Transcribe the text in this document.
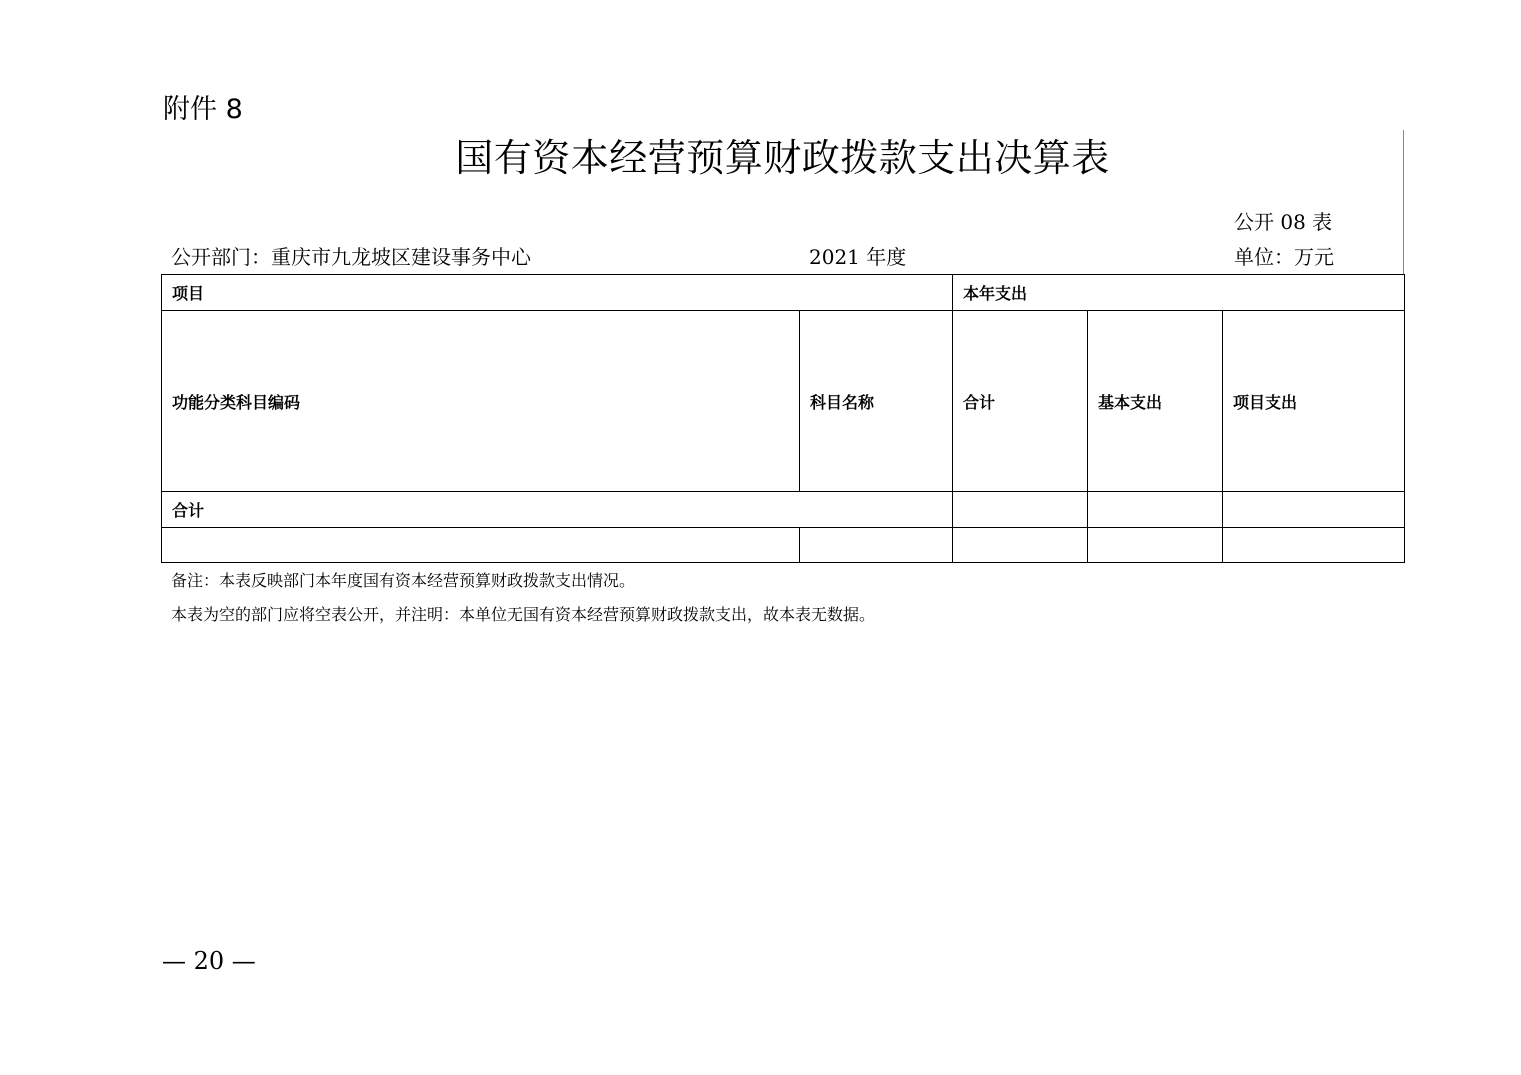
附件 8
国有资本经营预算财政拨款支出决算表
公开 08 表
公开部门：重庆市九龙坡区建设事务中心	2021 年度	单位：万元
项目		本年支出		
功能分类科目编码	科目名称	合计	基本支出	项目支出
合计				

备注：本表反映部门本年度国有资本经营预算财政拨款支出情况。
本表为空的部门应将空表公开，并注明：本单位无国有资本经营预算财政拨款支出，故本表无数据。
— 20 —
